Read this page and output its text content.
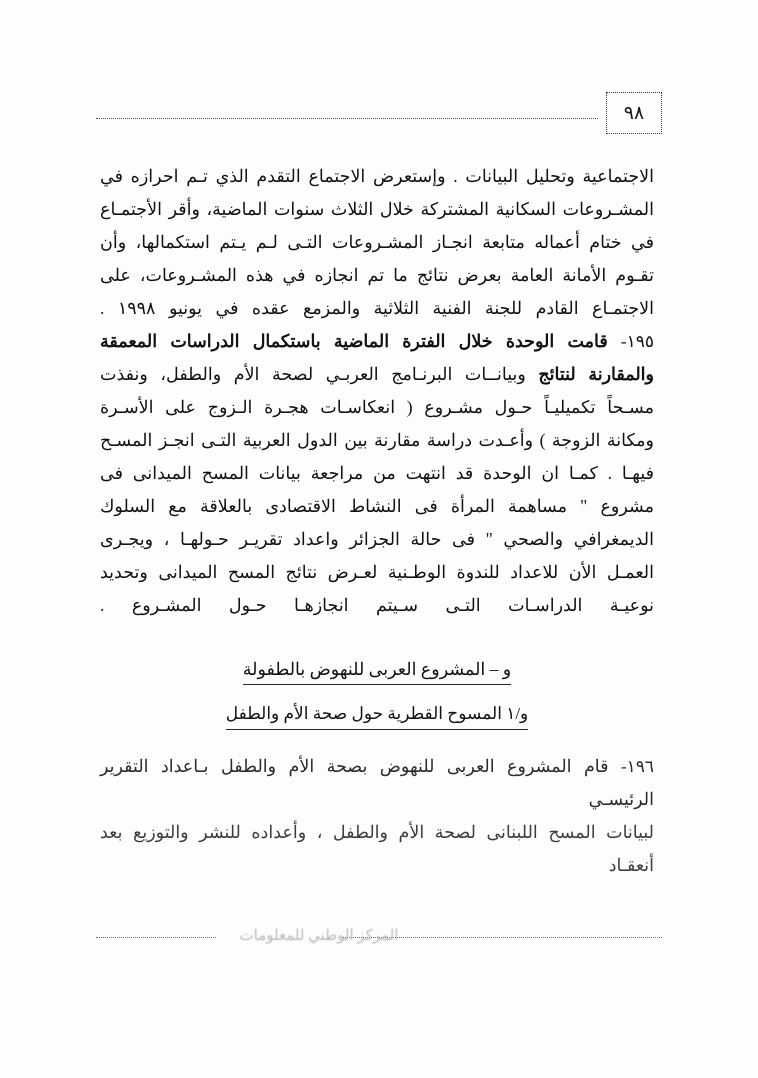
٩٨

الاجتماعية وتحليل البيانات . وإستعرض الاجتماع التقدم الذي تـم احرازه في المشـروعات السكانية المشتركة خلال الثلاث سنوات الماضية، وأقر الأجتمـاع في ختام أعماله متابعة انجـاز المشـروعات التـى لـم يـتم استكمالها، وأن تقـوم الأمانة العامة بعرض نتائج ما تم انجازه في هذه المشـروعات، على الاجتمـاع القادم للجنة الفنية الثلاثية والمزمع عقده في يونيو ١٩٩٨ .

١٩٥- قامت الوحدة خلال الفترة الماضية باستكمال الدراسات المعمقة والمقارنة لنتائج وبيانــات البرنـامج العربـي لصحة الأم والطفل، ونفذت مسـحاً تكميليـاً حـول مشـروع ( انعكاسـات هجـرة الـزوج على الأسـرة ومكانة الزوجة ) وأعـدت دراسة مقارنة بين الدول العربية التـى انجـز المسـح فيهـا . كمـا ان الوحدة قد انتهت من مراجعة بيانات المسح الميدانى فى مشروع " مساهمة المرأة فى النشاط الاقتصادى بالعلاقة مع السلوك الديمغرافي والصحي " فى حالة الجزائر واعداد تقريـر حـولهـا ، ويجـرى العمـل الأن للاعداد للندوة الوطـنية لعـرض نتائج المسح الميدانى وتحديد نوعيـة الدراسـات التـى سـيتم انجازهـا حـول المشـروع .

و – المشروع العربى للنهوض بالطفولة
و/١ المسوح القطرية حول صحة الأم والطفل

١٩٦- قام المشروع العربى للنهوض بصحة الأم والطفل بـاعداد التقرير الرئيسـي

لبيانات المسح اللبنانى لصحة الأم والطفل ، وأعداده للنشر والتوزيع بعد أنعقـاد

المركز الوطني للمعلومات
